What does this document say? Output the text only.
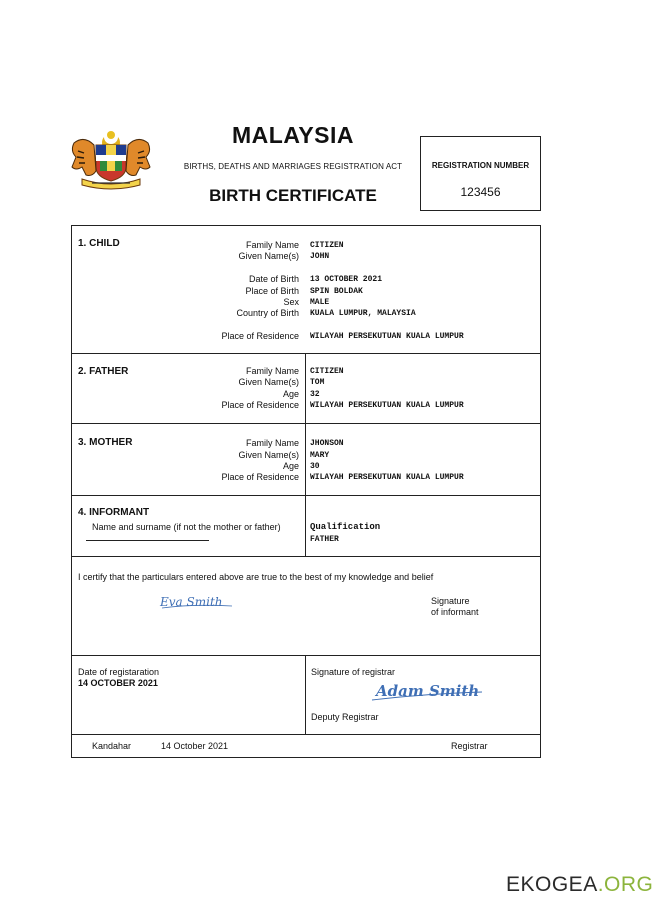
MALAYSIA
BIRTHS, DEATHS AND MARRIAGES REGISTRATION ACT
BIRTH CERTIFICATE
REGISTRATION NUMBER
123456
1. CHILD	Family Name CITIZEN
Given Name(s) JOHN
Date of Birth 13 OCTOBER 2021
Place of Birth SPIN BOLDAK
Sex MALE
Country of Birth KUALA LUMPUR, MALAYSIA
Place of Residence WILAYAH PERSEKUTUAN KUALA LUMPUR
2. FATHER	Family Name CITIZEN
Given Name(s) TOM
Age 32
Place of Residence WILAYAH PERSEKUTUAN KUALA LUMPUR
3. MOTHER	Family Name JHONSON
Given Name(s) MARY
Age 30
Place of Residence WILAYAH PERSEKUTUAN KUALA LUMPUR
4. INFORMANT
Name and surname (if not the mother or father)	Qualification
FATHER
I certify that the particulars entered above are true to the best of my knowledge and belief
Eva Smith	Signature
of informant
Date of registaration
14 OCTOBER 2021
Signature of registrar
Adam Smith
Deputy Registrar
Kandahar	14 October 2021	Registrar
EKOGEA.ORG
